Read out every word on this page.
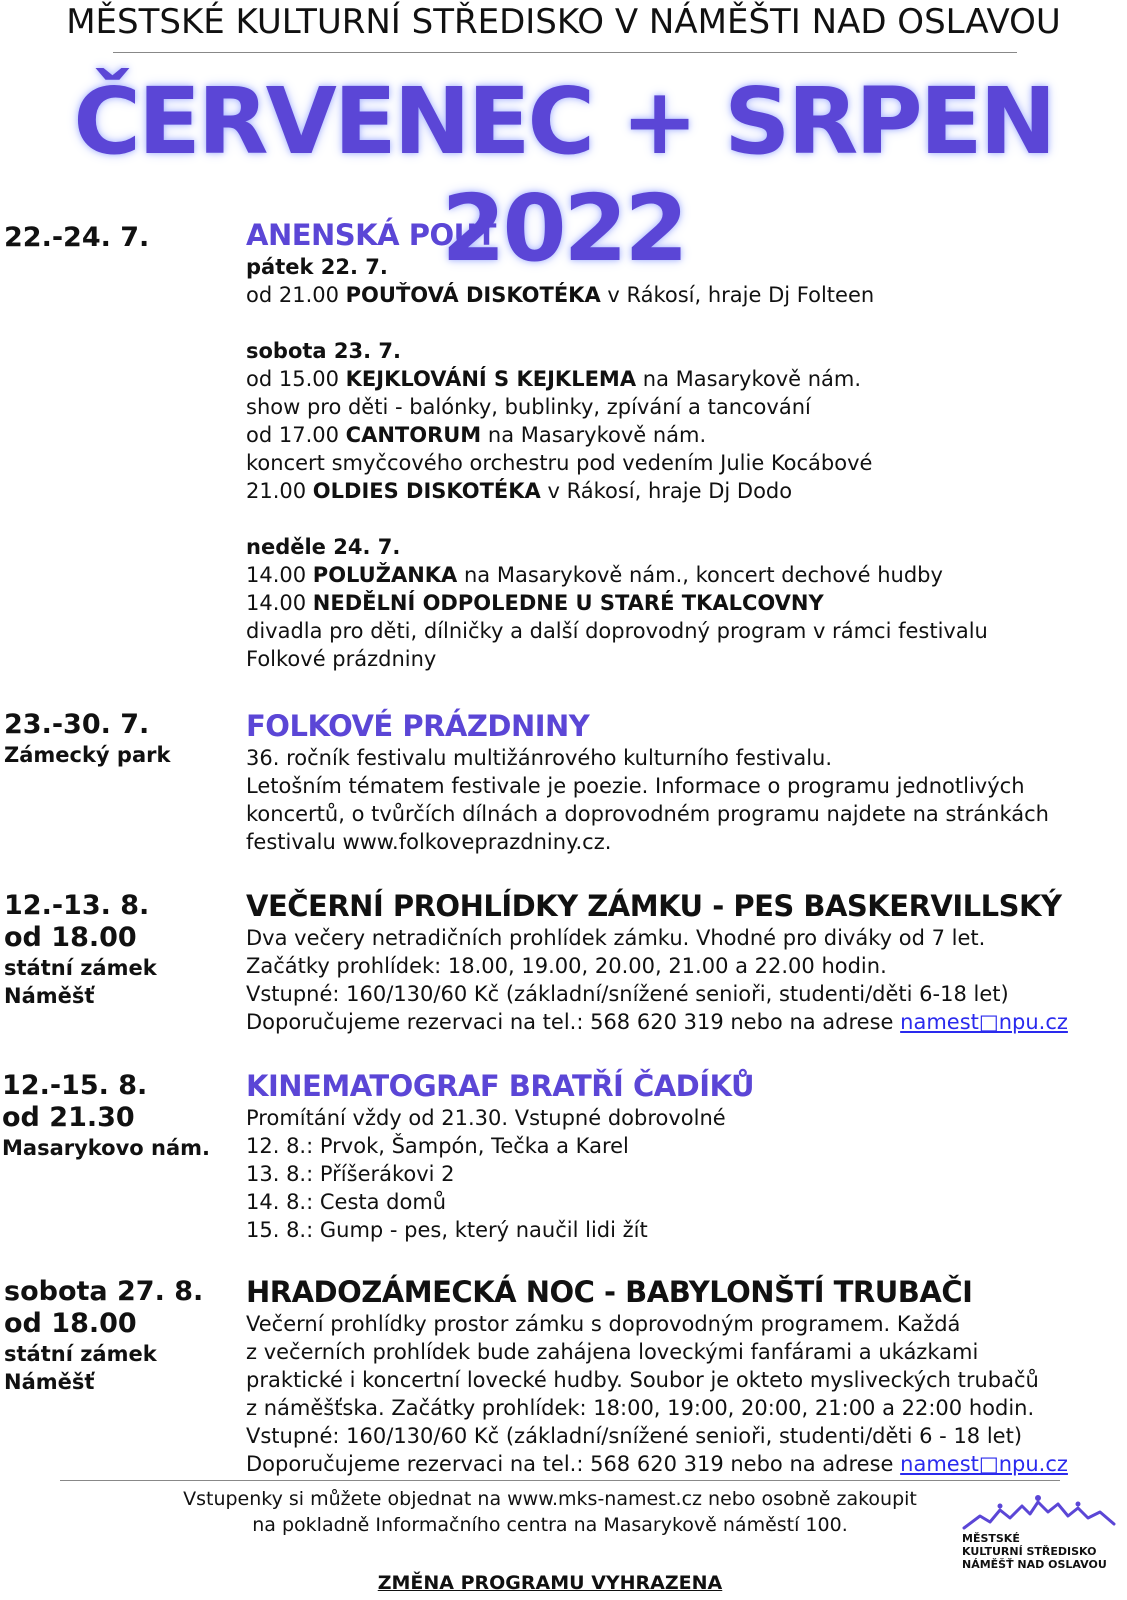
MĚSTSKÉ KULTURNÍ STŘEDISKO V NÁMĚŠTI NAD OSLAVOU
ČERVENEC + SRPEN 2022
22.-24. 7.	ANENSKÁ POUŤ
pátek 22. 7.
od 21.00 POUŤOVÁ DISKOTÉKA v Rákosí, hraje Dj Folteen
sobota 23. 7.
od 15.00 KEJKLOVÁNÍ S KEJKLEMA na Masarykově nám.
show pro děti - balónky, bublinky, zpívání a tancování
od 17.00 CANTORUM na Masarykově nám.
koncert smyčcového orchestru pod vedením Julie Kocábové
21.00 OLDIES DISKOTÉKA v Rákosí, hraje Dj Dodo
neděle 24. 7.
14.00 POLUŽANKA na Masarykově nám., koncert dechové hudby
14.00 NEDĚLNÍ ODPOLEDNE U STARÉ TKALCOVNY
divadla pro děti, dílničky a další doprovodný program v rámci festivalu
Folkové prázdniny
23.-30. 7.
Zámecký park
FOLKOVÉ PRÁZDNINY
36. ročník festivalu multižánrového kulturního festivalu.
Letošním tématem festivale je poezie. Informace o programu jednotlivých
koncertů, o tvůrčích dílnách a doprovodném programu najdete na stránkách
festivalu www.folkoveprazdniny.cz.
12.-13. 8.
od 18.00
státní zámek
Náměšť
VEČERNÍ PROHLÍDKY ZÁMKU - PES BASKERVILLSKÝ
Dva večery netradičních prohlídek zámku. Vhodné pro diváky od 7 let.
Začátky prohlídek: 18.00, 19.00, 20.00, 21.00 a 22.00 hodin.
Vstupné: 160/130/60 Kč (základní/snížené senioři, studenti/děti 6-18 let)
Doporučujeme rezervaci na tel.: 568 620 319 nebo na adrese namest□npu.cz
12.-15. 8.
od 21.30
Masarykovo nám.
KINEMATOGRAF BRATŘÍ ČADÍKŮ
Promítání vždy od 21.30. Vstupné dobrovolné
12. 8.: Prvok, Šampón, Tečka a Karel
13. 8.: Příšerákovi 2
14. 8.: Cesta domů
15. 8.: Gump - pes, který naučil lidi žít
sobota 27. 8.
od 18.00
státní zámek
Náměšť
HRADOZÁMECKÁ NOC - BABYLONŠTÍ TRUBAČI
Večerní prohlídky prostor zámku s doprovodným programem. Každá
z večerních prohlídek bude zahájena loveckými fanfárami a ukázkami
praktické i koncertní lovecké hudby. Soubor je okteto mysliveckých trubačů
z náměšťska. Začátky prohlídek: 18:00, 19:00, 20:00, 21:00 a 22:00 hodin.
Vstupné: 160/130/60 Kč (základní/snížené senioři, studenti/děti 6 - 18 let)
Doporučujeme rezervaci na tel.: 568 620 319 nebo na adrese namest□npu.cz
Vstupenky si můžete objednat na www.mks-namest.cz nebo osobně zakoupit
na pokladně Informačního centra na Masarykově náměstí 100.
ZMĚNA PROGRAMU VYHRAZENA
MĚSTSKÉ
KULTURNÍ STŘEDISKO
NÁMĚŠŤ NAD OSLAVOU
